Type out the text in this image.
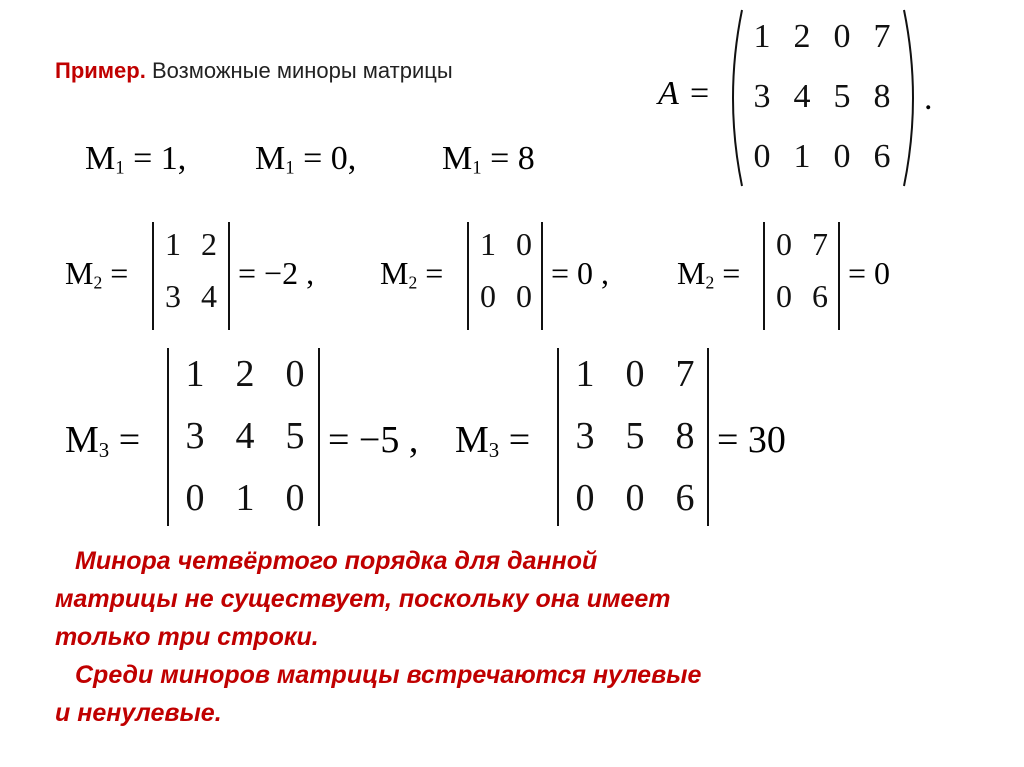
Пример. Возможные миноры матрицы
A =
1 2 0 7
3 4 5 8
0 1 0 6
.
$M_1 = 1$, $M_1 = 0$,	$M_1 = 8$
$M_2$ =
1 2
3 4
= −2 , $M_2$ =
1 0
0 0
= 0 , $M_2$ =
0 7
0 6
= 0
$M_3$ =
1 2 0
3 4 5
0 1 0
= −5 , $M_3$ =
1 0 7
3 5 8
0 0 6
= 30
Минора четвёртого порядка для данной
матрицы не существует, поскольку она имеет
только три строки.
Среди миноров матрицы встречаются нулевые
и ненулевые.
